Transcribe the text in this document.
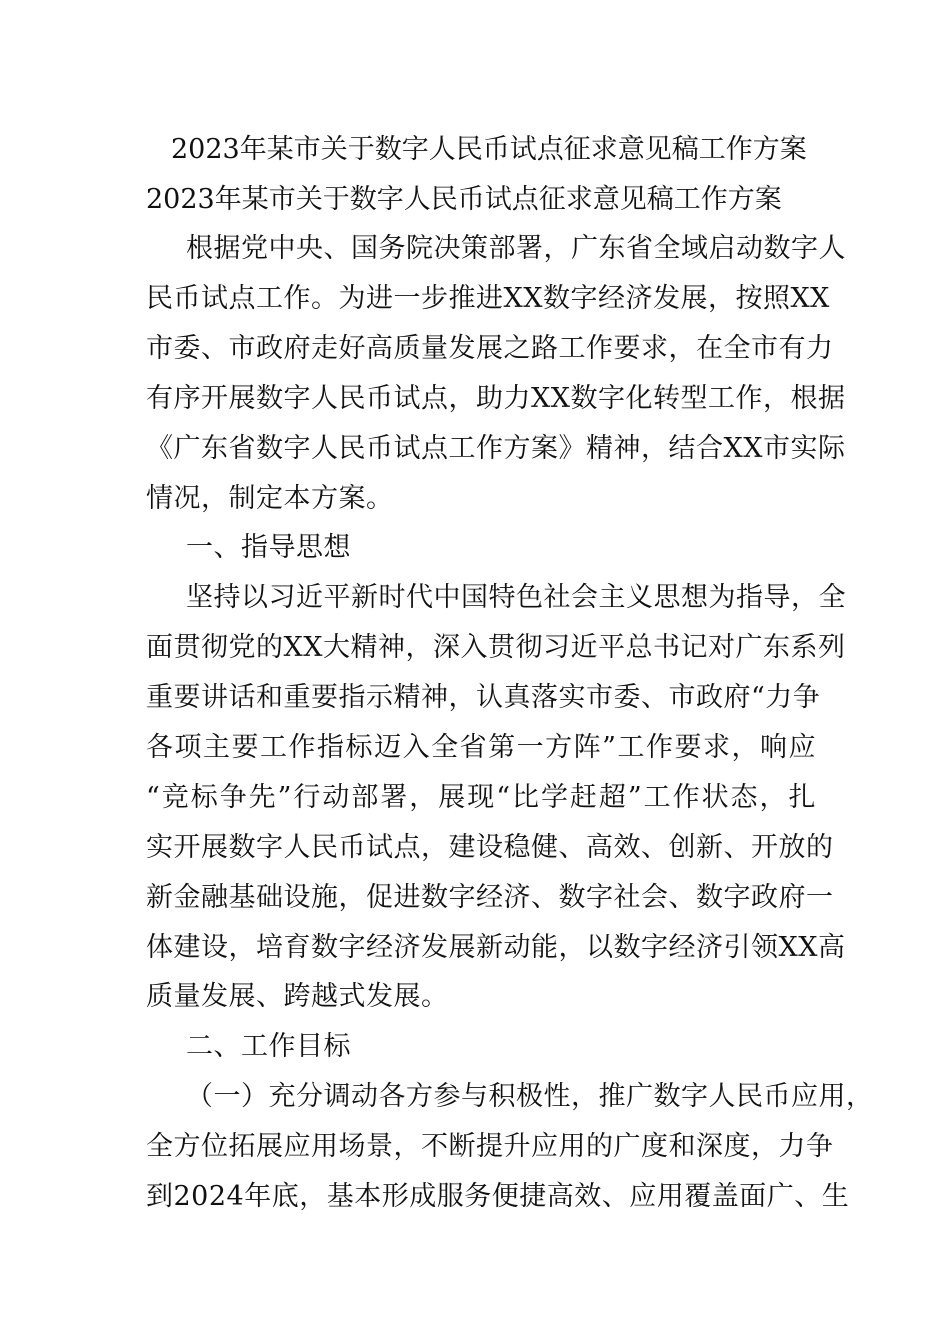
2023年某市关于数字人民币试点征求意见稿工作方案
2023年某市关于数字人民币试点征求意见稿工作方案
根据党中央、国务院决策部署，广东省全域启动数字人
民币试点工作。为进一步推进XX数字经济发展，按照XX
市委、市政府走好高质量发展之路工作要求，在全市有力
有序开展数字人民币试点，助力XX数字化转型工作，根据
《广东省数字人民币试点工作方案》精神，结合XX市实际
情况，制定本方案。
一、指导思想
坚持以习近平新时代中国特色社会主义思想为指导，全
面贯彻党的XX大精神，深入贯彻习近平总书记对广东系列
重要讲话和重要指示精神，认真落实市委、市政府“力争
各项主要工作指标迈入全省第一方阵”工作要求，响应
“竞标争先”行动部署，展现“比学赶超”工作状态，扎
实开展数字人民币试点，建设稳健、高效、创新、开放的
新金融基础设施，促进数字经济、数字社会、数字政府一
体建设，培育数字经济发展新动能，以数字经济引领XX高
质量发展、跨越式发展。
二、工作目标
（一）充分调动各方参与积极性，推广数字人民币应用，
全方位拓展应用场景，不断提升应用的广度和深度，力争
到2024年底，基本形成服务便捷高效、应用覆盖面广、生
